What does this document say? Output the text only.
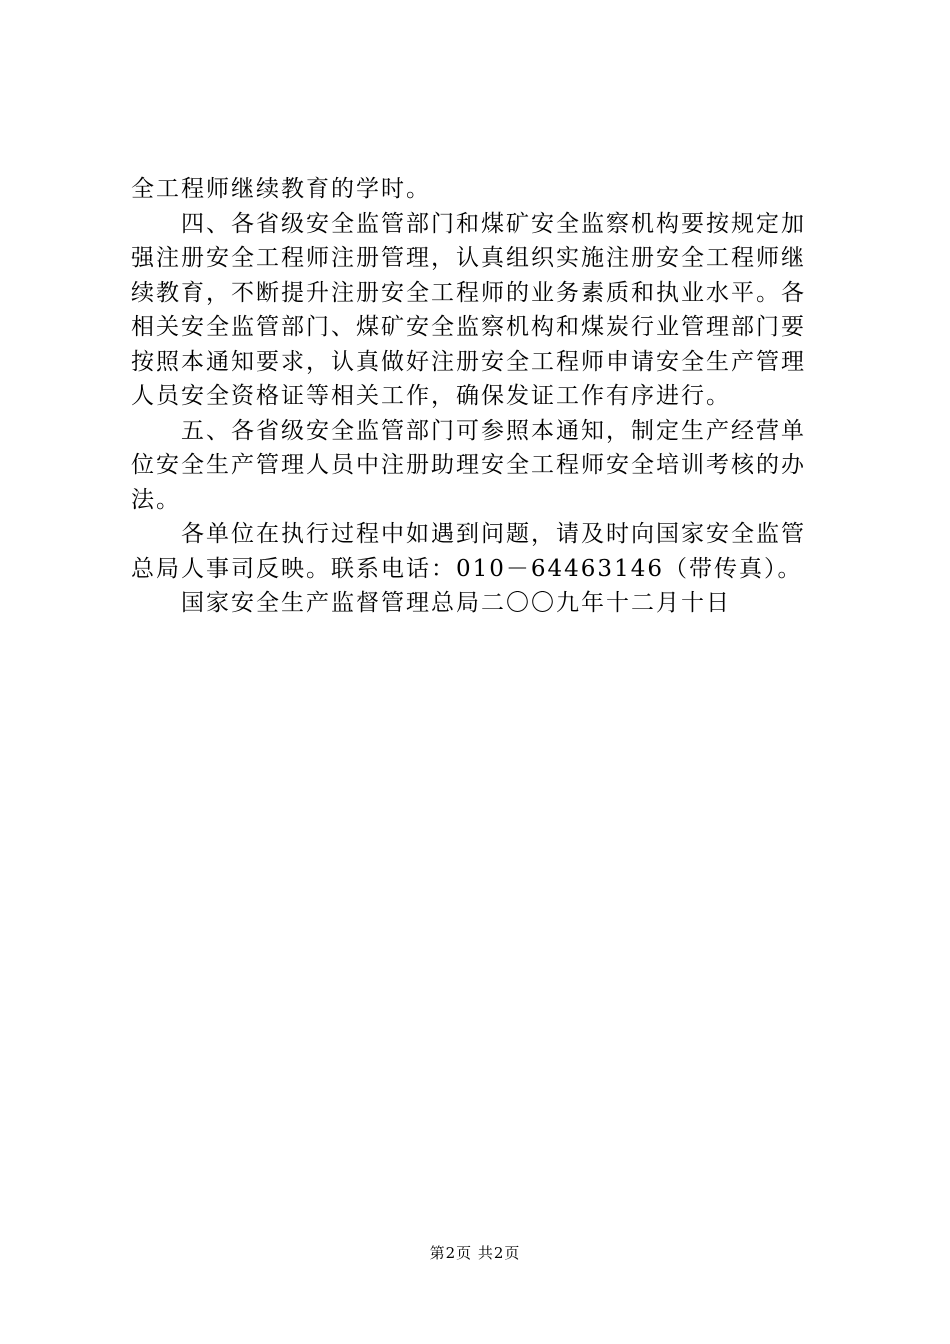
全工程师继续教育的学时。
四、各省级安全监管部门和煤矿安全监察机构要按规定加
强注册安全工程师注册管理，认真组织实施注册安全工程师继
续教育，不断提升注册安全工程师的业务素质和执业水平。各
相关安全监管部门、煤矿安全监察机构和煤炭行业管理部门要
按照本通知要求，认真做好注册安全工程师申请安全生产管理
人员安全资格证等相关工作，确保发证工作有序进行。
五、各省级安全监管部门可参照本通知，制定生产经营单
位安全生产管理人员中注册助理安全工程师安全培训考核的办
法。
各单位在执行过程中如遇到问题，请及时向国家安全监管
总局人事司反映。联系电话：010－64463146（带传真）。
国家安全生产监督管理总局二〇〇九年十二月十日
第2页 共2页
